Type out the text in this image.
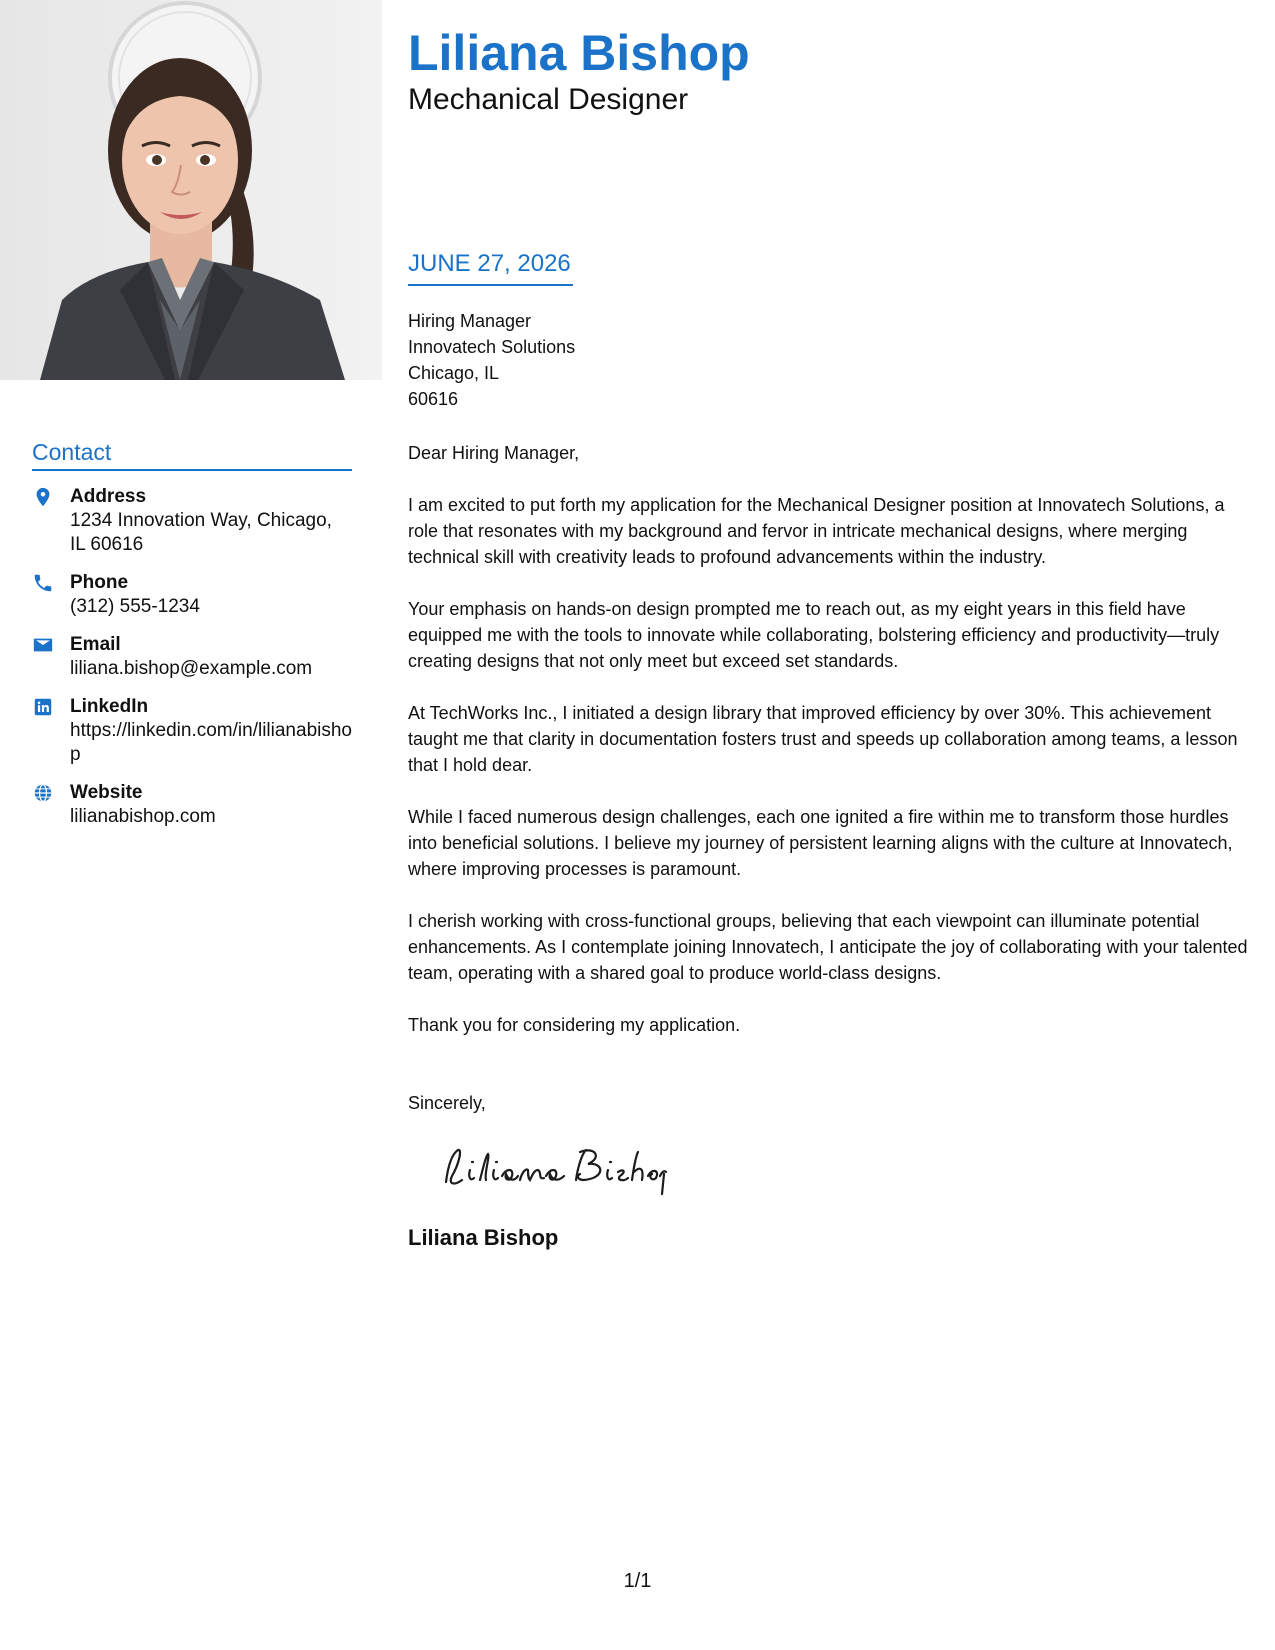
Contact
Address
1234 Innovation Way, Chicago, IL 60616
Phone
(312) 555-1234
Email
liliana.bishop@example.com
LinkedIn
https://linkedin.com/in/lilianabishop
Website
lilianabishop.com
Liliana Bishop
Mechanical Designer
JUNE 27, 2026
Hiring Manager
Innovatech Solutions
Chicago, IL
60616

Dear Hiring Manager,

I am excited to put forth my application for the Mechanical Designer position at Innovatech Solutions, a role that resonates with my background and fervor in intricate mechanical designs, where merging technical skill with creativity leads to profound advancements within the industry.

Your emphasis on hands-on design prompted me to reach out, as my eight years in this field have equipped me with the tools to innovate while collaborating, bolstering efficiency and productivity—truly creating designs that not only meet but exceed set standards.

At TechWorks Inc., I initiated a design library that improved efficiency by over 30%. This achievement taught me that clarity in documentation fosters trust and speeds up collaboration among teams, a lesson that I hold dear.

While I faced numerous design challenges, each one ignited a fire within me to transform those hurdles into beneficial solutions. I believe my journey of persistent learning aligns with the culture at Innovatech, where improving processes is paramount.

I cherish working with cross-functional groups, believing that each viewpoint can illuminate potential enhancements. As I contemplate joining Innovatech, I anticipate the joy of collaborating with your talented team, operating with a shared goal to produce world-class designs.

Thank you for considering my application.

Sincerely,

Liliana Bishop
1/1
